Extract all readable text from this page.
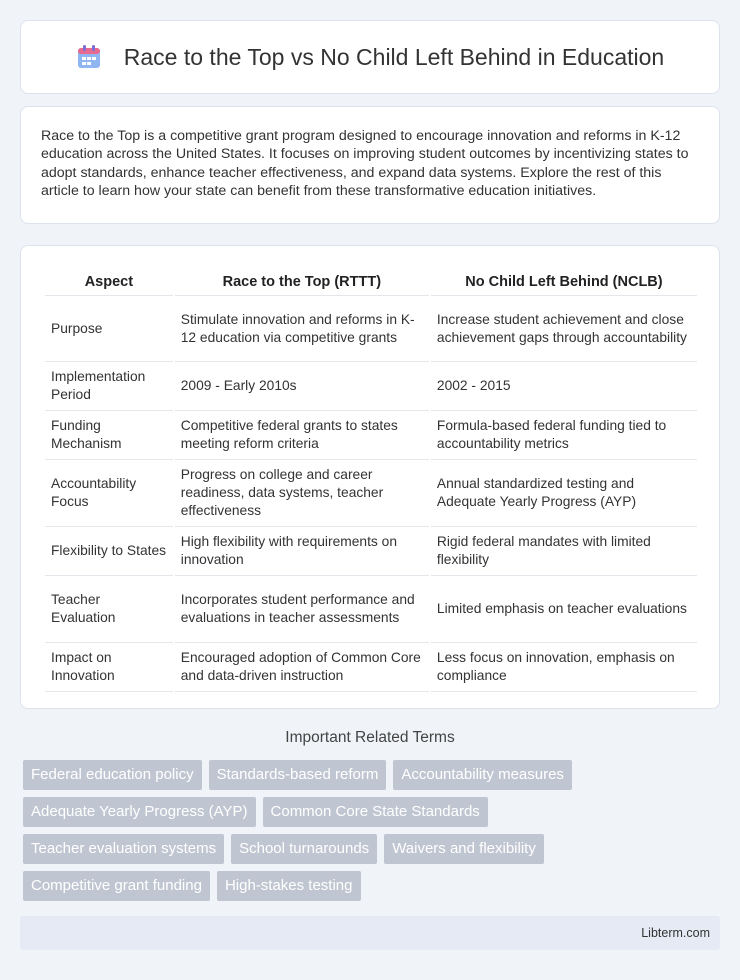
Race to the Top vs No Child Left Behind in Education

Race to the Top is a competitive grant program designed to encourage innovation and reforms in K-12 education across the United States. It focuses on improving student outcomes by incentivizing states to adopt standards, enhance teacher effectiveness, and expand data systems. Explore the rest of this article to learn how your state can benefit from these transformative education initiatives.

Aspect	Race to the Top (RTTT)	No Child Left Behind (NCLB)
Purpose	Stimulate innovation and reforms in K-12 education via competitive grants	Increase student achievement and close achievement gaps through accountability
Implementation Period	2009 - Early 2010s	2002 - 2015
Funding Mechanism	Competitive federal grants to states meeting reform criteria	Formula-based federal funding tied to accountability metrics
Accountability Focus	Progress on college and career readiness, data systems, teacher effectiveness	Annual standardized testing and Adequate Yearly Progress (AYP)
Flexibility to States	High flexibility with requirements on innovation	Rigid federal mandates with limited flexibility
Teacher Evaluation	Incorporates student performance and evaluations in teacher assessments	Limited emphasis on teacher evaluations
Impact on Innovation	Encouraged adoption of Common Core and data-driven instruction	Less focus on innovation, emphasis on compliance
Important Related Terms
Federal education policy	Standards-based reform	Accountability measures
Adequate Yearly Progress (AYP)	Common Core State Standards
Teacher evaluation systems	School turnarounds	Waivers and flexibility
Competitive grant funding	High-stakes testing
Libterm.com
